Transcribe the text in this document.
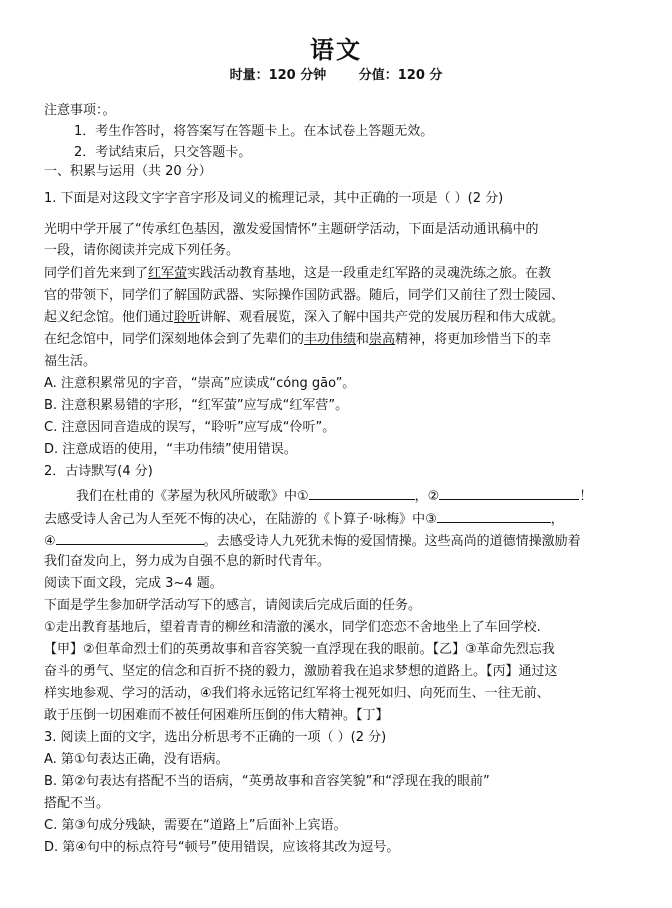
语文
时量：120 分钟	分值：120 分
注意事项：。
1．考生作答时，将答案写在答题卡上。在本试卷上答题无效。
2．考试结束后，只交答题卡。
一、积累与运用（共 20 分）
1. 下面是对这段文字字音字形及词义的梳理记录，其中正确的一项是（ ）(2 分)
光明中学开展了“传承红色基因，激发爱国情怀”主题研学活动，下面是活动通讯稿中的
一段，请你阅读并完成下列任务。
同学们首先来到了红军萤实践活动教育基地，这是一段重走红军路的灵魂洗练之旅。在教
官的带领下，同学们了解国防武器、实际操作国防武器。随后，同学们又前往了烈士陵园、
起义纪念馆。他们通过聆听讲解、观看展览，深入了解中国共产党的发展历程和伟大成就。
在纪念馆中，同学们深刻地体会到了先辈们的丰功伟绩和崇高精神，将更加珍惜当下的幸
福生活。
A. 注意积累常见的字音，“崇高”应读成“cóng gāo”。
B. 注意积累易错的字形，“红军萤”应写成“红军营”。
C. 注意因同音造成的误写，“聆听”应写成“伶听”。
D. 注意成语的使用，“丰功伟绩”使用错误。
2．古诗默写(4 分)
我们在杜甫的《茅屋为秋风所破歌》中①	，②	！
去感受诗人舍己为人至死不悔的决心，在陆游的《卜算子·咏梅》中③	，
④	。去感受诗人九死犹未悔的爱国情操。这些高尚的道德情操激励着
我们奋发向上，努力成为自强不息的新时代青年。
阅读下面文段，完成 3~4 题。
下面是学生参加研学活动写下的感言，请阅读后完成后面的任务。
①走出教育基地后，望着青青的柳丝和清澈的溪水，同学们恋恋不舍地坐上了车回学校.
【甲】②但革命烈士们的英勇故事和音容笑貌一直浮现在我的眼前。【乙】③革命先烈忘我
奋斗的勇气、坚定的信念和百折不挠的毅力，激励着我在追求梦想的道路上。【丙】通过这
样实地参观、学习的活动，④我们将永远铭记红军将士视死如归、向死而生、一往无前、
敢于压倒一切困难而不被任何困难所压倒的伟大精神。【丁】
3. 阅读上面的文字，选出分析思考不正确的一项（ ）(2 分)
A. 第①句表达正确，没有语病。
B. 第②句表达有搭配不当的语病，“英勇故事和音容笑貌”和“浮现在我的眼前”
搭配不当。
C. 第③句成分残缺，需要在“道路上”后面补上宾语。
D. 第④句中的标点符号“顿号”使用错误，应该将其改为逗号。
